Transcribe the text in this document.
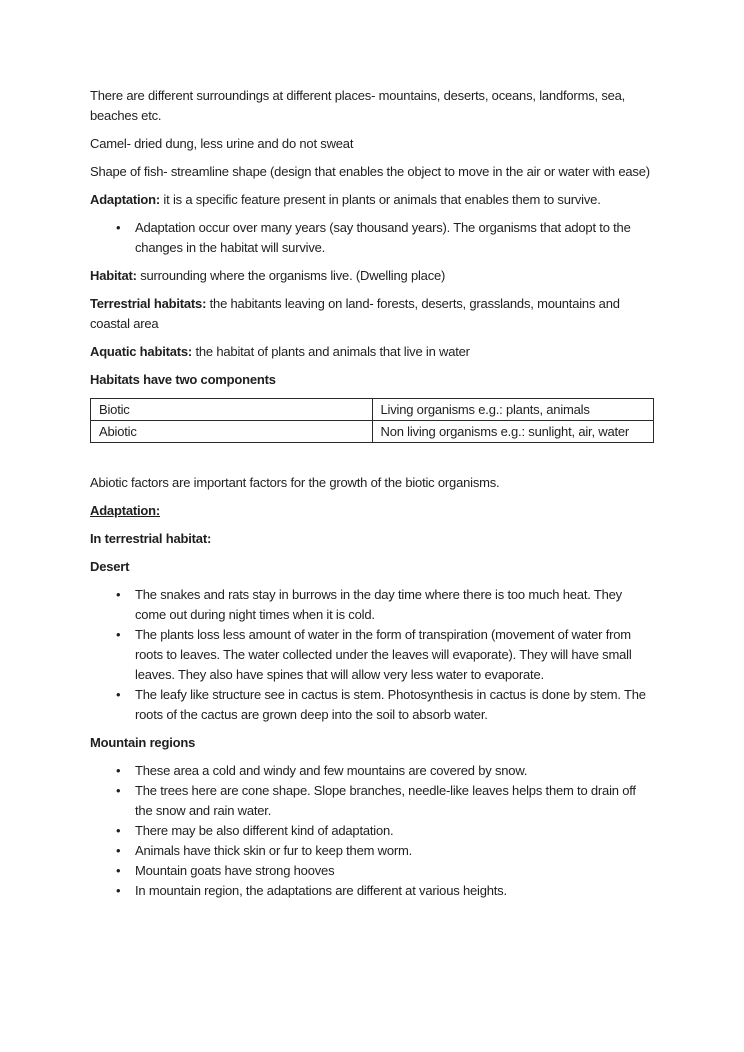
There are different surroundings at different places- mountains, deserts, oceans, landforms, sea, beaches etc.

Camel- dried dung, less urine and do not sweat

Shape of fish- streamline shape (design that enables the object to move in the air or water with ease)

Adaptation: it is a specific feature present in plants or animals that enables them to survive.

• Adaptation occur over many years (say thousand years). The organisms that adopt to the changes in the habitat will survive.

Habitat: surrounding where the organisms live. (Dwelling place)

Terrestrial habitats: the habitants leaving on land- forests, deserts, grasslands, mountains and coastal area

Aquatic habitats: the habitat of plants and animals that live in water

Habitats have two components

Biotic	Living organisms e.g.: plants, animals
Abiotic	Non living organisms e.g.: sunlight, air, water

Abiotic factors are important factors for the growth of the biotic organisms.

Adaptation:

In terrestrial habitat:

Desert

• The snakes and rats stay in burrows in the day time where there is too much heat. They come out during night times when it is cold.
• The plants loss less amount of water in the form of transpiration (movement of water from roots to leaves. The water collected under the leaves will evaporate). They will have small leaves. They also have spines that will allow very less water to evaporate.
• The leafy like structure see in cactus is stem. Photosynthesis in cactus is done by stem. The roots of the cactus are grown deep into the soil to absorb water.

Mountain regions

• These area a cold and windy and few mountains are covered by snow.
• The trees here are cone shape. Slope branches, needle-like leaves helps them to drain off the snow and rain water.
• There may be also different kind of adaptation.
• Animals have thick skin or fur to keep them worm.
• Mountain goats have strong hooves
• In mountain region, the adaptations are different at various heights.
